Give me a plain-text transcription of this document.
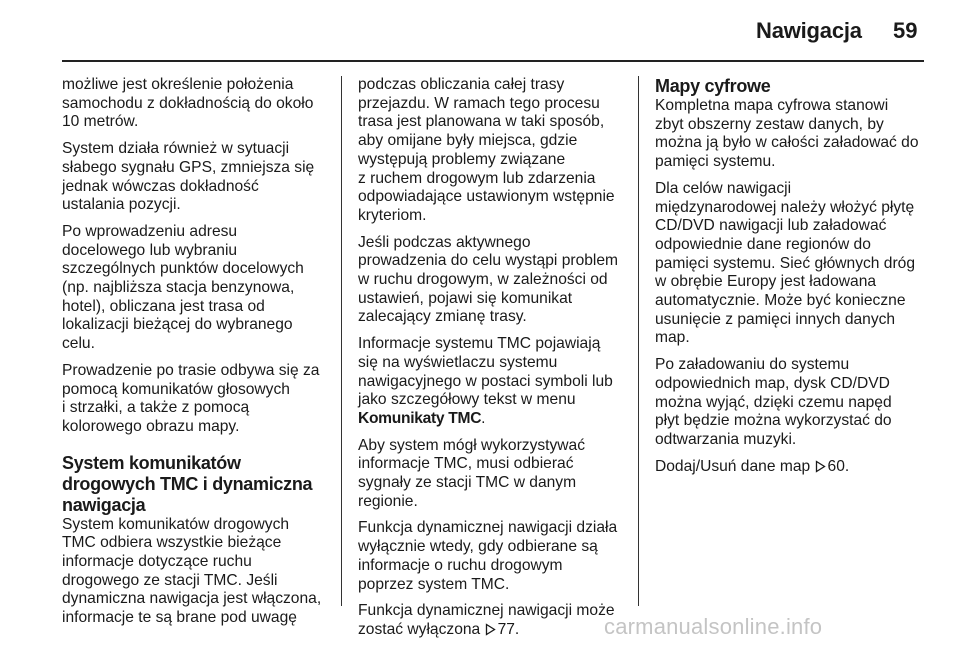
Nawigacja 59
możliwe jest określenie położenia
samochodu z dokładnością do około
10 metrów.
System działa również w sytuacji
słabego sygnału GPS, zmniejsza się
jednak wówczas dokładność
ustalania pozycji.
Po wprowadzeniu adresu
docelowego lub wybraniu
szczególnych punktów docelowych
(np. najbliższa stacja benzynowa,
hotel), obliczana jest trasa od
lokalizacji bieżącej do wybranego
celu.
Prowadzenie po trasie odbywa się za
pomocą komunikatów głosowych
i strzałki, a także z pomocą
kolorowego obrazu mapy.
System komunikatów
drogowych TMC i dynamiczna
nawigacja
System komunikatów drogowych
TMC odbiera wszystkie bieżące
informacje dotyczące ruchu
drogowego ze stacji TMC. Jeśli
dynamiczna nawigacja jest włączona,
informacje te są brane pod uwagę
podczas obliczania całej trasy
przejazdu. W ramach tego procesu
trasa jest planowana w taki sposób,
aby omijane były miejsca, gdzie
występują problemy związane
z ruchem drogowym lub zdarzenia
odpowiadające ustawionym wstępnie
kryteriom.
Jeśli podczas aktywnego
prowadzenia do celu wystąpi problem
w ruchu drogowym, w zależności od
ustawień, pojawi się komunikat
zalecający zmianę trasy.
Informacje systemu TMC pojawiają
się na wyświetlaczu systemu
nawigacyjnego w postaci symboli lub
jako szczegółowy tekst w menu
Komunikaty TMC.
Aby system mógł wykorzystywać
informacje TMC, musi odbierać
sygnały ze stacji TMC w danym
regionie.
Funkcja dynamicznej nawigacji działa
wyłącznie wtedy, gdy odbierane są
informacje o ruchu drogowym
poprzez system TMC.
Funkcja dynamicznej nawigacji może
zostać wyłączona 77.
Mapy cyfrowe
Kompletna mapa cyfrowa stanowi
zbyt obszerny zestaw danych, by
można ją było w całości załadować do
pamięci systemu.
Dla celów nawigacji
międzynarodowej należy włożyć płytę
CD/DVD nawigacji lub załadować
odpowiednie dane regionów do
pamięci systemu. Sieć głównych dróg
w obrębie Europy jest ładowana
automatycznie. Może być konieczne
usunięcie z pamięci innych danych
map.
Po załadowaniu do systemu
odpowiednich map, dysk CD/DVD
można wyjąć, dzięki czemu napęd
płyt będzie można wykorzystać do
odtwarzania muzyki.
Dodaj/Usuń dane map 60.
carmanualsonline.info
